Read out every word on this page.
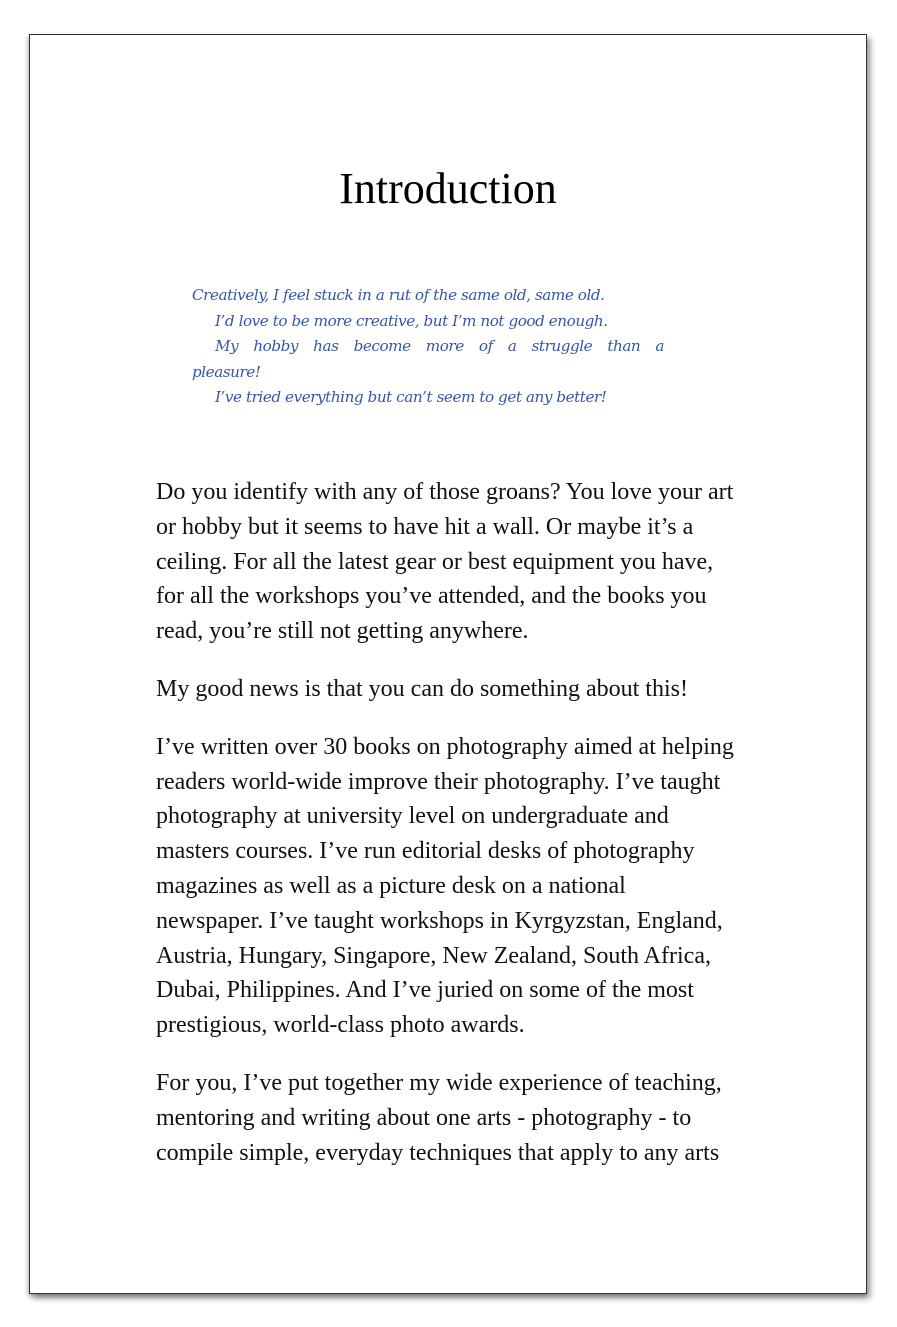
Introduction
Creatively, I feel stuck in a rut of the same old, same old.
I’d love to be more creative, but I’m not good enough.
My hobby has become more of a struggle than a
pleasure!
I’ve tried everything but can’t seem to get any better!

Do you identify with any of those groans? You love your art
or hobby but it seems to have hit a wall. Or maybe it’s a
ceiling. For all the latest gear or best equipment you have,
for all the workshops you’ve attended, and the books you
read, you’re still not getting anywhere.

My good news is that you can do something about this!

I’ve written over 30 books on photography aimed at helping
readers world-wide improve their photography. I’ve taught
photography at university level on undergraduate and
masters courses. I’ve run editorial desks of photography
magazines as well as a picture desk on a national
newspaper. I’ve taught workshops in Kyrgyzstan, England,
Austria, Hungary, Singapore, New Zealand, South Africa,
Dubai, Philippines. And I’ve juried on some of the most
prestigious, world-class photo awards.

For you, I’ve put together my wide experience of teaching,
mentoring and writing about one arts - photography - to
compile simple, everyday techniques that apply to any arts
